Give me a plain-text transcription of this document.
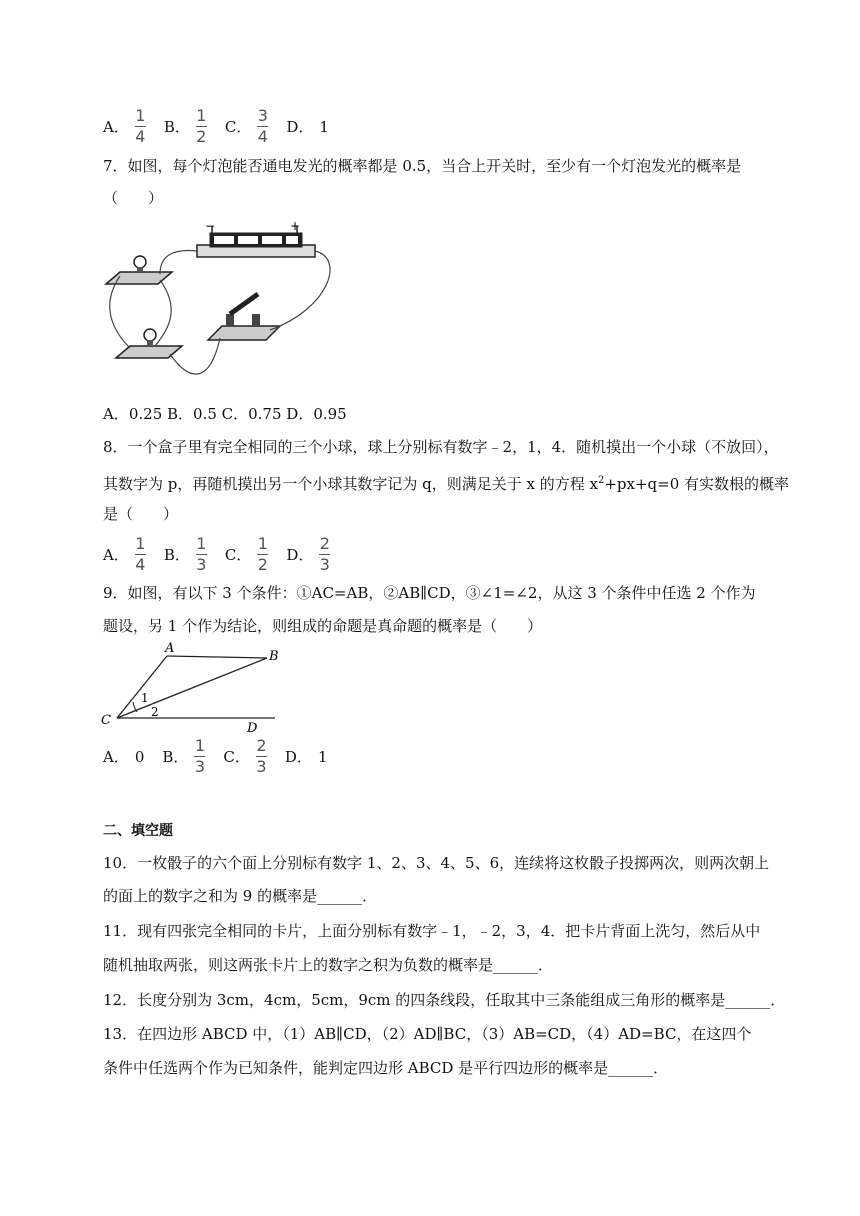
A． $\frac{1}{4}$ B． $\frac{1}{2}$ C． $\frac{3}{4}$ D． 1
7．如图，每个灯泡能否通电发光的概率都是 0.5，当合上开关时，至少有一个灯泡发光的概率是
（　　）
−	+
A．0.25 B．0.5 C．0.75 D．0.95
8．一个盒子里有完全相同的三个小球，球上分别标有数字﹣2，1，4．随机摸出一个小球（不放回），
其数字为 p，再随机摸出另一个小球其数字记为 q，则满足关于 x 的方程 $x^2+px+q=0$ 有实数根的概率
是（　　）
A． $\frac{1}{4}$ B． $\frac{1}{3}$ C． $\frac{1}{2}$ D． $\frac{2}{3}$
9．如图，有以下 3 个条件：①AC=AB，②AB∥CD，③∠1=∠2，从这 3 个条件中任选 2 个作为
题设，另 1 个作为结论，则组成的命题是真命题的概率是（　　）
A
B
C
D
1
2
A． 0 B． $\frac{1}{3}$ C． $\frac{2}{3}$ D． 1
二、填空题
10．一枚骰子的六个面上分别标有数字 1、2、3、4、5、6，连续将这枚骰子投掷两次，则两次朝上
的面上的数字之和为 9 的概率是______．
11．现有四张完全相同的卡片，上面分别标有数字﹣1，﹣2，3，4．把卡片背面上洗匀，然后从中
随机抽取两张，则这两张卡片上的数字之积为负数的概率是______．
12．长度分别为 3cm，4cm，5cm，9cm 的四条线段，任取其中三条能组成三角形的概率是______．
13．在四边形 ABCD 中，（1）AB∥CD，（2）AD∥BC，（3）AB=CD，（4）AD=BC，在这四个
条件中任选两个作为已知条件，能判定四边形 ABCD 是平行四边形的概率是______．
